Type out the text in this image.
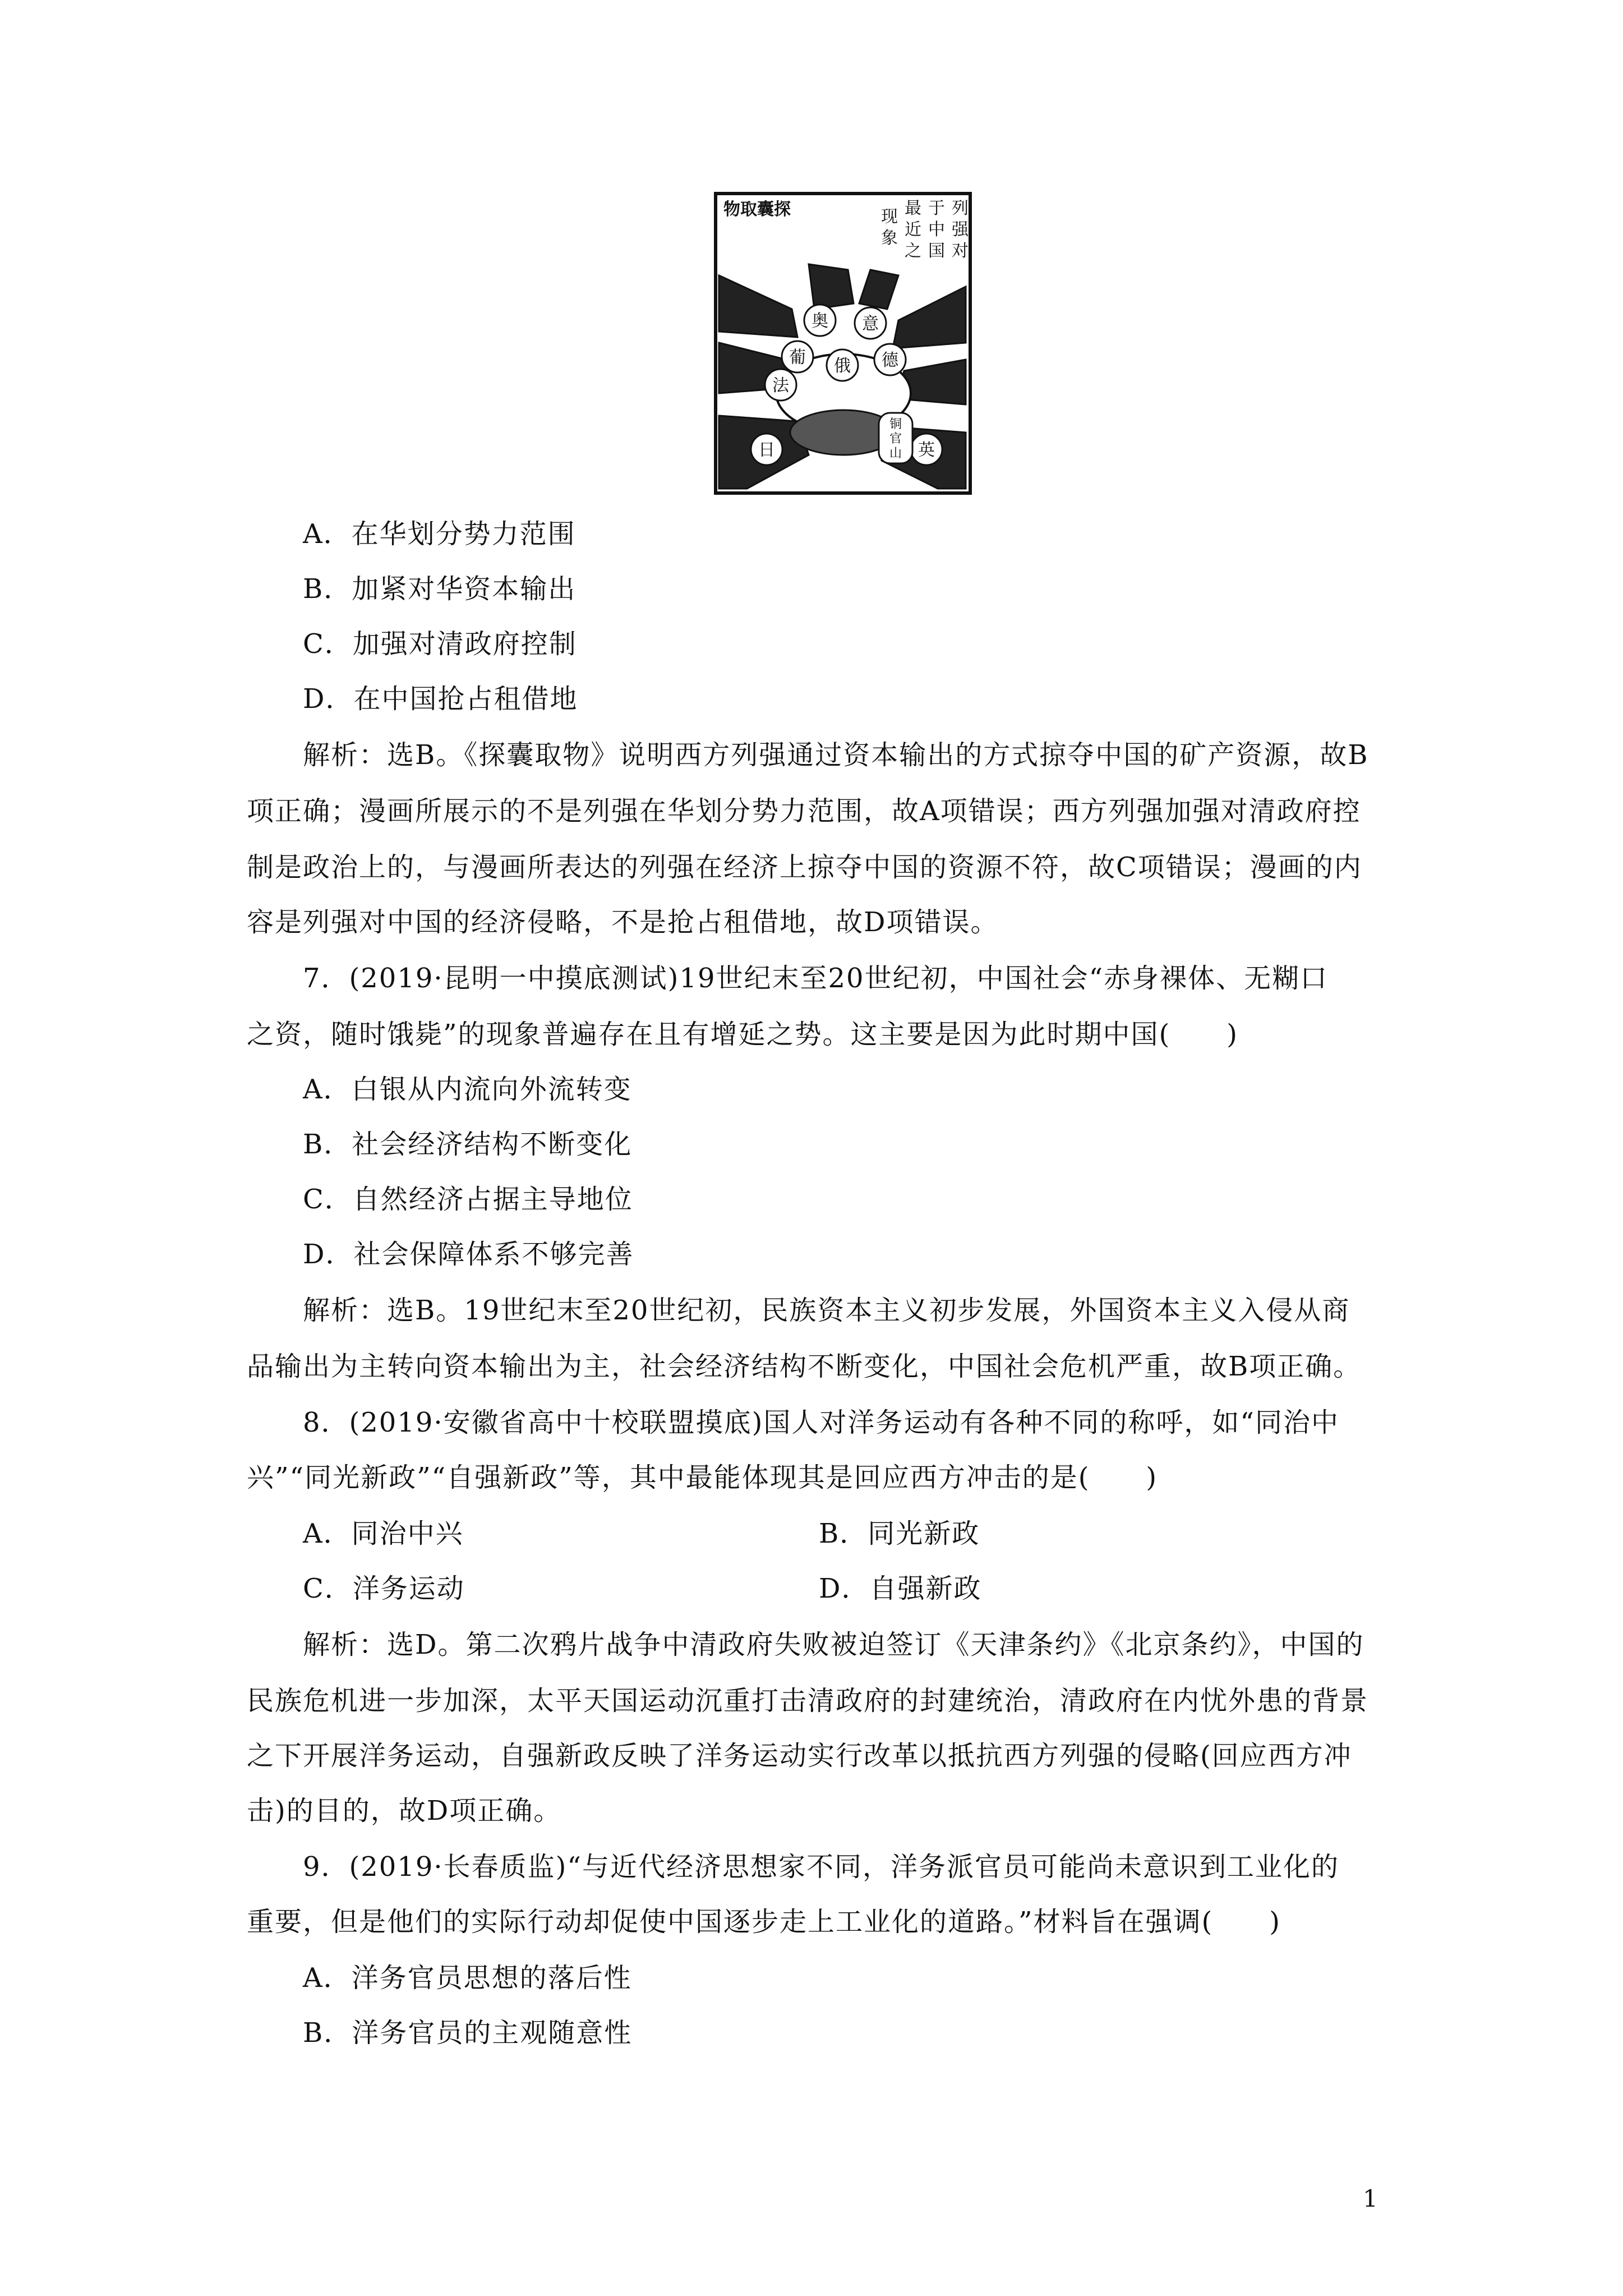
列强对 于中国 最近之 现象
物取囊探
奥 意
葡 俄 德
法
日	英
铜官山
A．在华划分势力范围
B．加紧对华资本输出
C．加强对清政府控制
D．在中国抢占租借地
解析：选B。《探囊取物》说明西方列强通过资本输出的方式掠夺中国的矿产资源，故B
项正确；漫画所展示的不是列强在华划分势力范围，故A项错误；西方列强加强对清政府控
制是政治上的，与漫画所表达的列强在经济上掠夺中国的资源不符，故C项错误；漫画的内
容是列强对中国的经济侵略，不是抢占租借地，故D项错误。
7．(2019·昆明一中摸底测试)19世纪末至20世纪初，中国社会“赤身裸体、无糊口
之资，随时饿毙”的现象普遍存在且有增延之势。这主要是因为此时期中国(　　)
A．白银从内流向外流转变
B．社会经济结构不断变化
C．自然经济占据主导地位
D．社会保障体系不够完善
解析：选B。19世纪末至20世纪初，民族资本主义初步发展，外国资本主义入侵从商
品输出为主转向资本输出为主，社会经济结构不断变化，中国社会危机严重，故B项正确。
8．(2019·安徽省高中十校联盟摸底)国人对洋务运动有各种不同的称呼，如“同治中
兴”“同光新政”“自强新政”等，其中最能体现其是回应西方冲击的是(　　)
A．同治中兴	B．同光新政
C．洋务运动	D．自强新政
解析：选D。第二次鸦片战争中清政府失败被迫签订《天津条约》《北京条约》，中国的
民族危机进一步加深，太平天国运动沉重打击清政府的封建统治，清政府在内忧外患的背景
之下开展洋务运动，自强新政反映了洋务运动实行改革以抵抗西方列强的侵略(回应西方冲
击)的目的，故D项正确。
9．(2019·长春质监)“与近代经济思想家不同，洋务派官员可能尚未意识到工业化的
重要，但是他们的实际行动却促使中国逐步走上工业化的道路。”材料旨在强调(　　)
A．洋务官员思想的落后性
B．洋务官员的主观随意性
1
